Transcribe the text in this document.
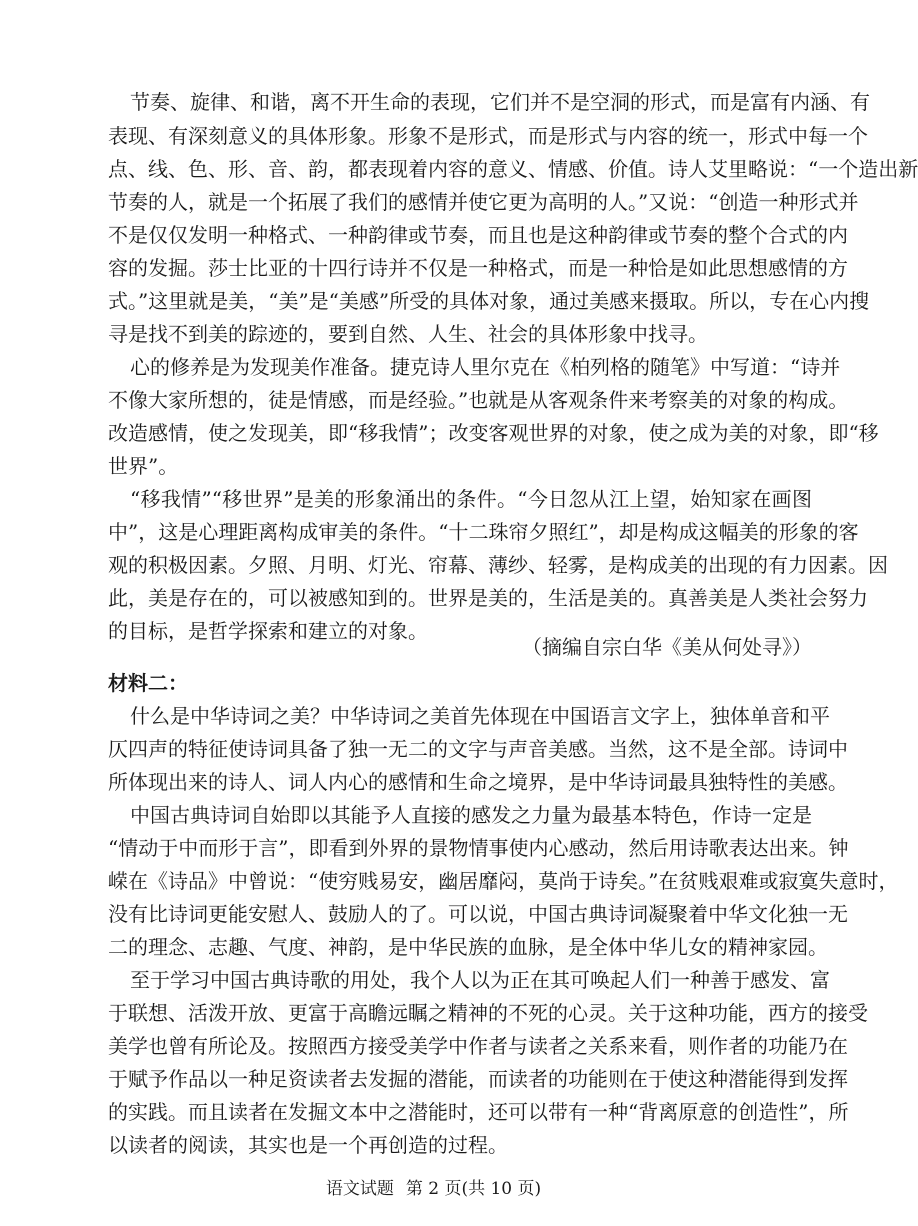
节奏、旋律、和谐，离不开生命的表现，它们并不是空洞的形式，而是富有内涵、有
表现、有深刻意义的具体形象。形象不是形式，而是形式与内容的统一，形式中每一个
点、线、色、形、音、韵，都表现着内容的意义、情感、价值。诗人艾里略说：“一个造出新
节奏的人，就是一个拓展了我们的感情并使它更为高明的人。”又说：“创造一种形式并
不是仅仅发明一种格式、一种韵律或节奏，而且也是这种韵律或节奏的整个合式的内
容的发掘。莎士比亚的十四行诗并不仅是一种格式，而是一种恰是如此思想感情的方
式。”这里就是美，“美”是“美感”所受的具体对象，通过美感来摄取。所以，专在心内搜
寻是找不到美的踪迹的，要到自然、人生、社会的具体形象中找寻。
心的修养是为发现美作准备。捷克诗人里尔克在《柏列格的随笔》中写道：“诗并
不像大家所想的，徒是情感，而是经验。”也就是从客观条件来考察美的对象的构成。
改造感情，使之发现美，即“移我情”；改变客观世界的对象，使之成为美的对象，即“移
世界”。
“移我情”“移世界”是美的形象涌出的条件。“今日忽从江上望，始知家在画图
中”，这是心理距离构成审美的条件。“十二珠帘夕照红”，却是构成这幅美的形象的客
观的积极因素。夕照、月明、灯光、帘幕、薄纱、轻雾，是构成美的出现的有力因素。因
此，美是存在的，可以被感知到的。世界是美的，生活是美的。真善美是人类社会努力
的目标，是哲学探索和建立的对象。
（摘编自宗白华《美从何处寻》）
材料二：
什么是中华诗词之美？中华诗词之美首先体现在中国语言文字上，独体单音和平
仄四声的特征使诗词具备了独一无二的文字与声音美感。当然，这不是全部。诗词中
所体现出来的诗人、词人内心的感情和生命之境界，是中华诗词最具独特性的美感。
中国古典诗词自始即以其能予人直接的感发之力量为最基本特色，作诗一定是
“情动于中而形于言”，即看到外界的景物情事使内心感动，然后用诗歌表达出来。钟
嵘在《诗品》中曾说：“使穷贱易安，幽居靡闷，莫尚于诗矣。”在贫贱艰难或寂寞失意时，
没有比诗词更能安慰人、鼓励人的了。可以说，中国古典诗词凝聚着中华文化独一无
二的理念、志趣、气度、神韵，是中华民族的血脉，是全体中华儿女的精神家园。
至于学习中国古典诗歌的用处，我个人以为正在其可唤起人们一种善于感发、富
于联想、活泼开放、更富于高瞻远瞩之精神的不死的心灵。关于这种功能，西方的接受
美学也曾有所论及。按照西方接受美学中作者与读者之关系来看，则作者的功能乃在
于赋予作品以一种足资读者去发掘的潜能，而读者的功能则在于使这种潜能得到发挥
的实践。而且读者在发掘文本中之潜能时，还可以带有一种“背离原意的创造性”，所
以读者的阅读，其实也是一个再创造的过程。
语文试题 第 2 页(共 10 页)
